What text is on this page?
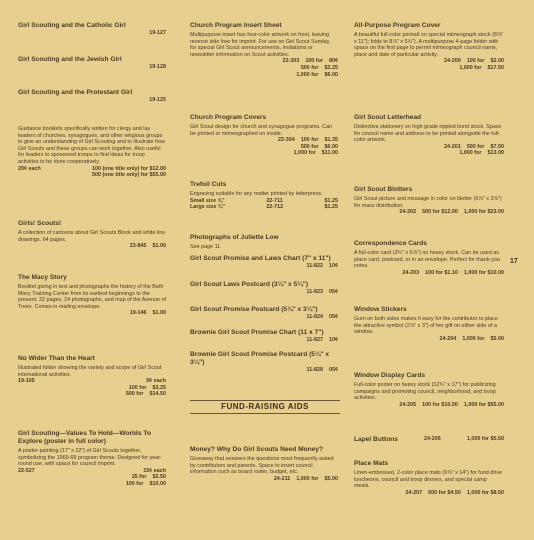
Girl Scouting and the Catholic Girl

19-127

Girl Scouting and the Jewish Girl

19-128

Girl Scouting and the Protestant Girl

19-125

Guidance booklets specifically written for clergy and lay leaders of churches, synagogues, and other religious groups to give an understanding of Girl Scouting and to illustrate how Girl Scouts and these groups can work together. Also useful for leaders to sponsored troops to find ideas for troop activities to be done cooperatively.

20¢ each	100 (one title only) for $12.00
500 (one title only) for $55.00

Girls! Scouts!

A collection of cartoons about Girl Scouts Block and white line drawings. 64 pages.

23-845 $1.00

The Macy Story

Booklet giving in text and photographs the history of the Beth Macy Training Center from its earliest beginnings to the present. 32 pages, 24 photographs, and map of the Avenue of Trees. Comes in mailing envelope.

19-146 $1.00

No Wider Than the Heart

Illustrated folder showing the variety and scope of Girl Scout international activities.

19-105	5¢ each
100 for $3.25
500 for $14.50

Girl Scouting—Values To Hold—Worlds To Explore (poster in full color)

A poster-painting (17" x 22") of Girl Scouts together, symbolizing the 1969-69 program theme. Designed for year-round use, with space for council imprint.

22-527	15¢ each
25 for $2.50
100 for $10.00

Church Program Insert Sheet

Multipurpose insert has four-color artwork on front, leaving reverse side free for imprint. For use on Girl Scout Sunday, for special Girl Scout announcements, invitations or newsletter information on Scout activities.

22-303 100 for 80¢
500 for $3.25
1,000 for $6.00

Church Program Covers

Girl Scout design for church and synagogue programs. Can be printed or mimeographed on inside.

22-304 100 for $1.35
500 for $6.00
1,000 for $11.00

Trefoil Cuts

Engraving suitable for any matter printed by letterpress.

Small size ⅝"	22-711	$1.25
Large size ¾"	22-712	$1.25

Photographs of Juliette Low

See page 11.

Girl Scout Promise and Laws Chart (7" x 11")

11-822 10¢

Girl Scout Laws Postcard (3¼" x 5¼")

11-823 05¢

Girl Scout Promise Postcard (5¼" x 3¼")

11-824 05¢

Brownie Girl Scout Promise Chart (11 x 7")

11-827 10¢

Brownie Girl Scout Promise Postcard (5¼" x 3¼")

11-828 05¢

Money? Why Do Girl Scouts Need Money?

Giveaway that answers the questions most frequently asked by contributors and parents. Space to insert council information such as board roster, budget, etc.

24-211 1,000 for $5.00
FUND-RAISING AIDS

All-Purpose Program Cover

A beautiful full-color portrait on special mimeograph stock (8⅞" x 11"); folds to 8⅞" x 5½"). A multipurpose 4-page folder with space on the first page to permit mimeograph council name, place and date of particular activity.

24-200 100 for $2.00
1,000 for $17.50

Girl Scout Letterhead

Distinctive stationery on high grade rippled bond stock. Space for council name and address to be printed alongside the full-color artwork.

24-201 500 for $7.00
1,000 for $13.00

Girl Scout Blotters

Girl Scout picture and message in color on blotter (6⅞" x 3⅞") for mass distribution.

24-202 500 for $12.00 1,000 for $23.00

Correspondence Cards

A full-color card (3¼" x 5⅞") on heavy stock. Can be used as place card, postcard, or in an envelope. Perfect for thank-you notes.

24-203 100 for $1.10 1,000 for $10.00

Window Stickers

Gum on both sides makes it easy for the contributor to place the attractive symbol (2⅞" x 3") of her gift on either side of a window.

24-204 1,000 for $5.00

Window Display Cards

Full-color poster on heavy stock (12¾" x 17") for publicizing campaigns and promoting council, neighborhood, and troop activities.

24-205 100 for $10.00 1,000 for $55.00
Lapel Buttons	24-206	1,000 for $5.50

Place Mats

Linen-embossed, 2-color place mats (9⅞" x 14") for fund drive luncheons, council and troop dinners, and special camp meals.

24-207 500 for $4.50 1,000 for $8.50
17
